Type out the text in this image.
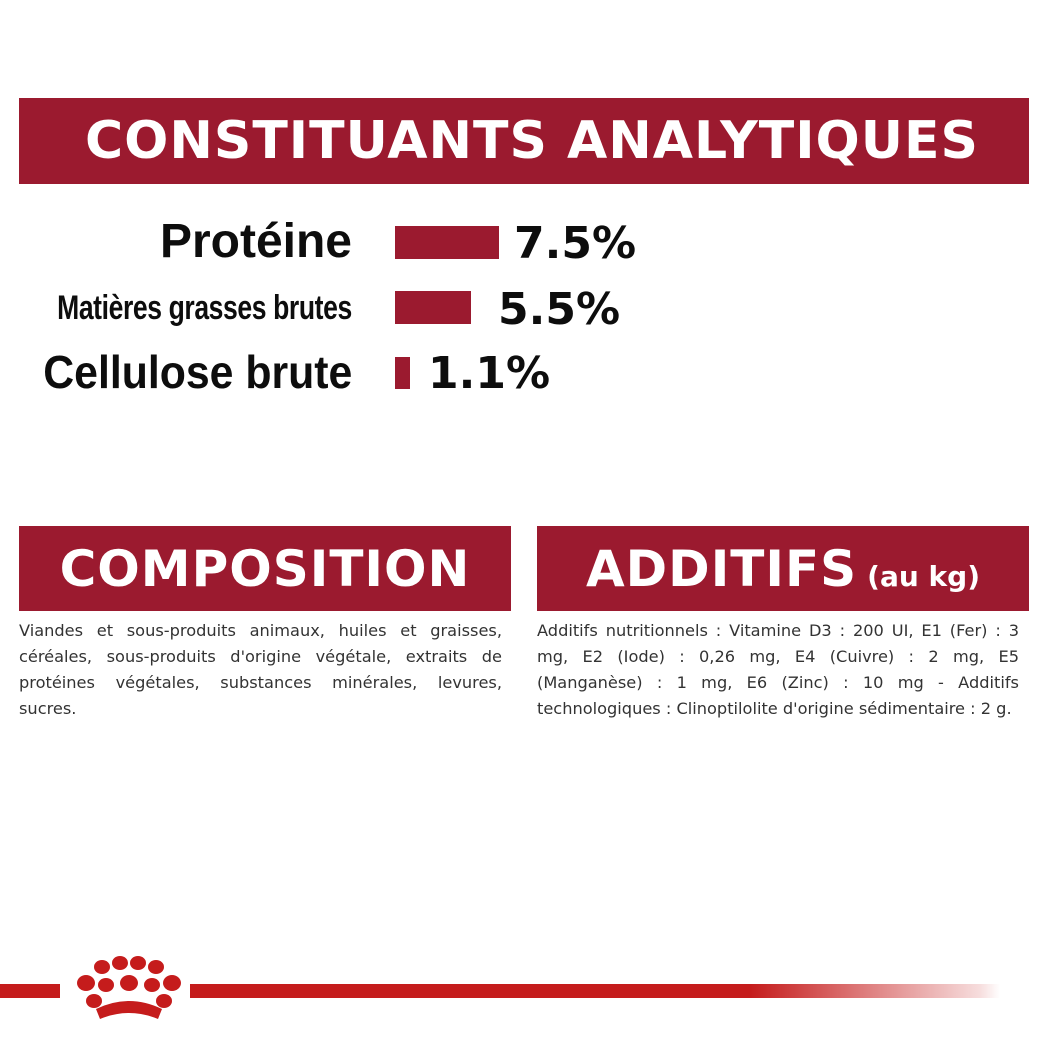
CONSTITUANTS ANALYTIQUES
Protéine	7.5%
Matières grasses brutes	5.5%
Cellulose brute 1.1%
COMPOSITION
Viandes et sous-produits animaux, huiles et graisses, céréales, sous-produits d'origine végétale, extraits de protéines végétales, substances minérales, levures, sucres.
ADDITIFS (au kg)
Additifs nutritionnels : Vitamine D3 : 200 UI, E1 (Fer) : 3 mg, E2 (Iode) : 0,26 mg, E4 (Cuivre) : 2 mg, E5 (Manganèse) : 1 mg, E6 (Zinc) : 10 mg - Additifs technologiques : Clinoptilolite d'origine sédimentaire : 2 g.
